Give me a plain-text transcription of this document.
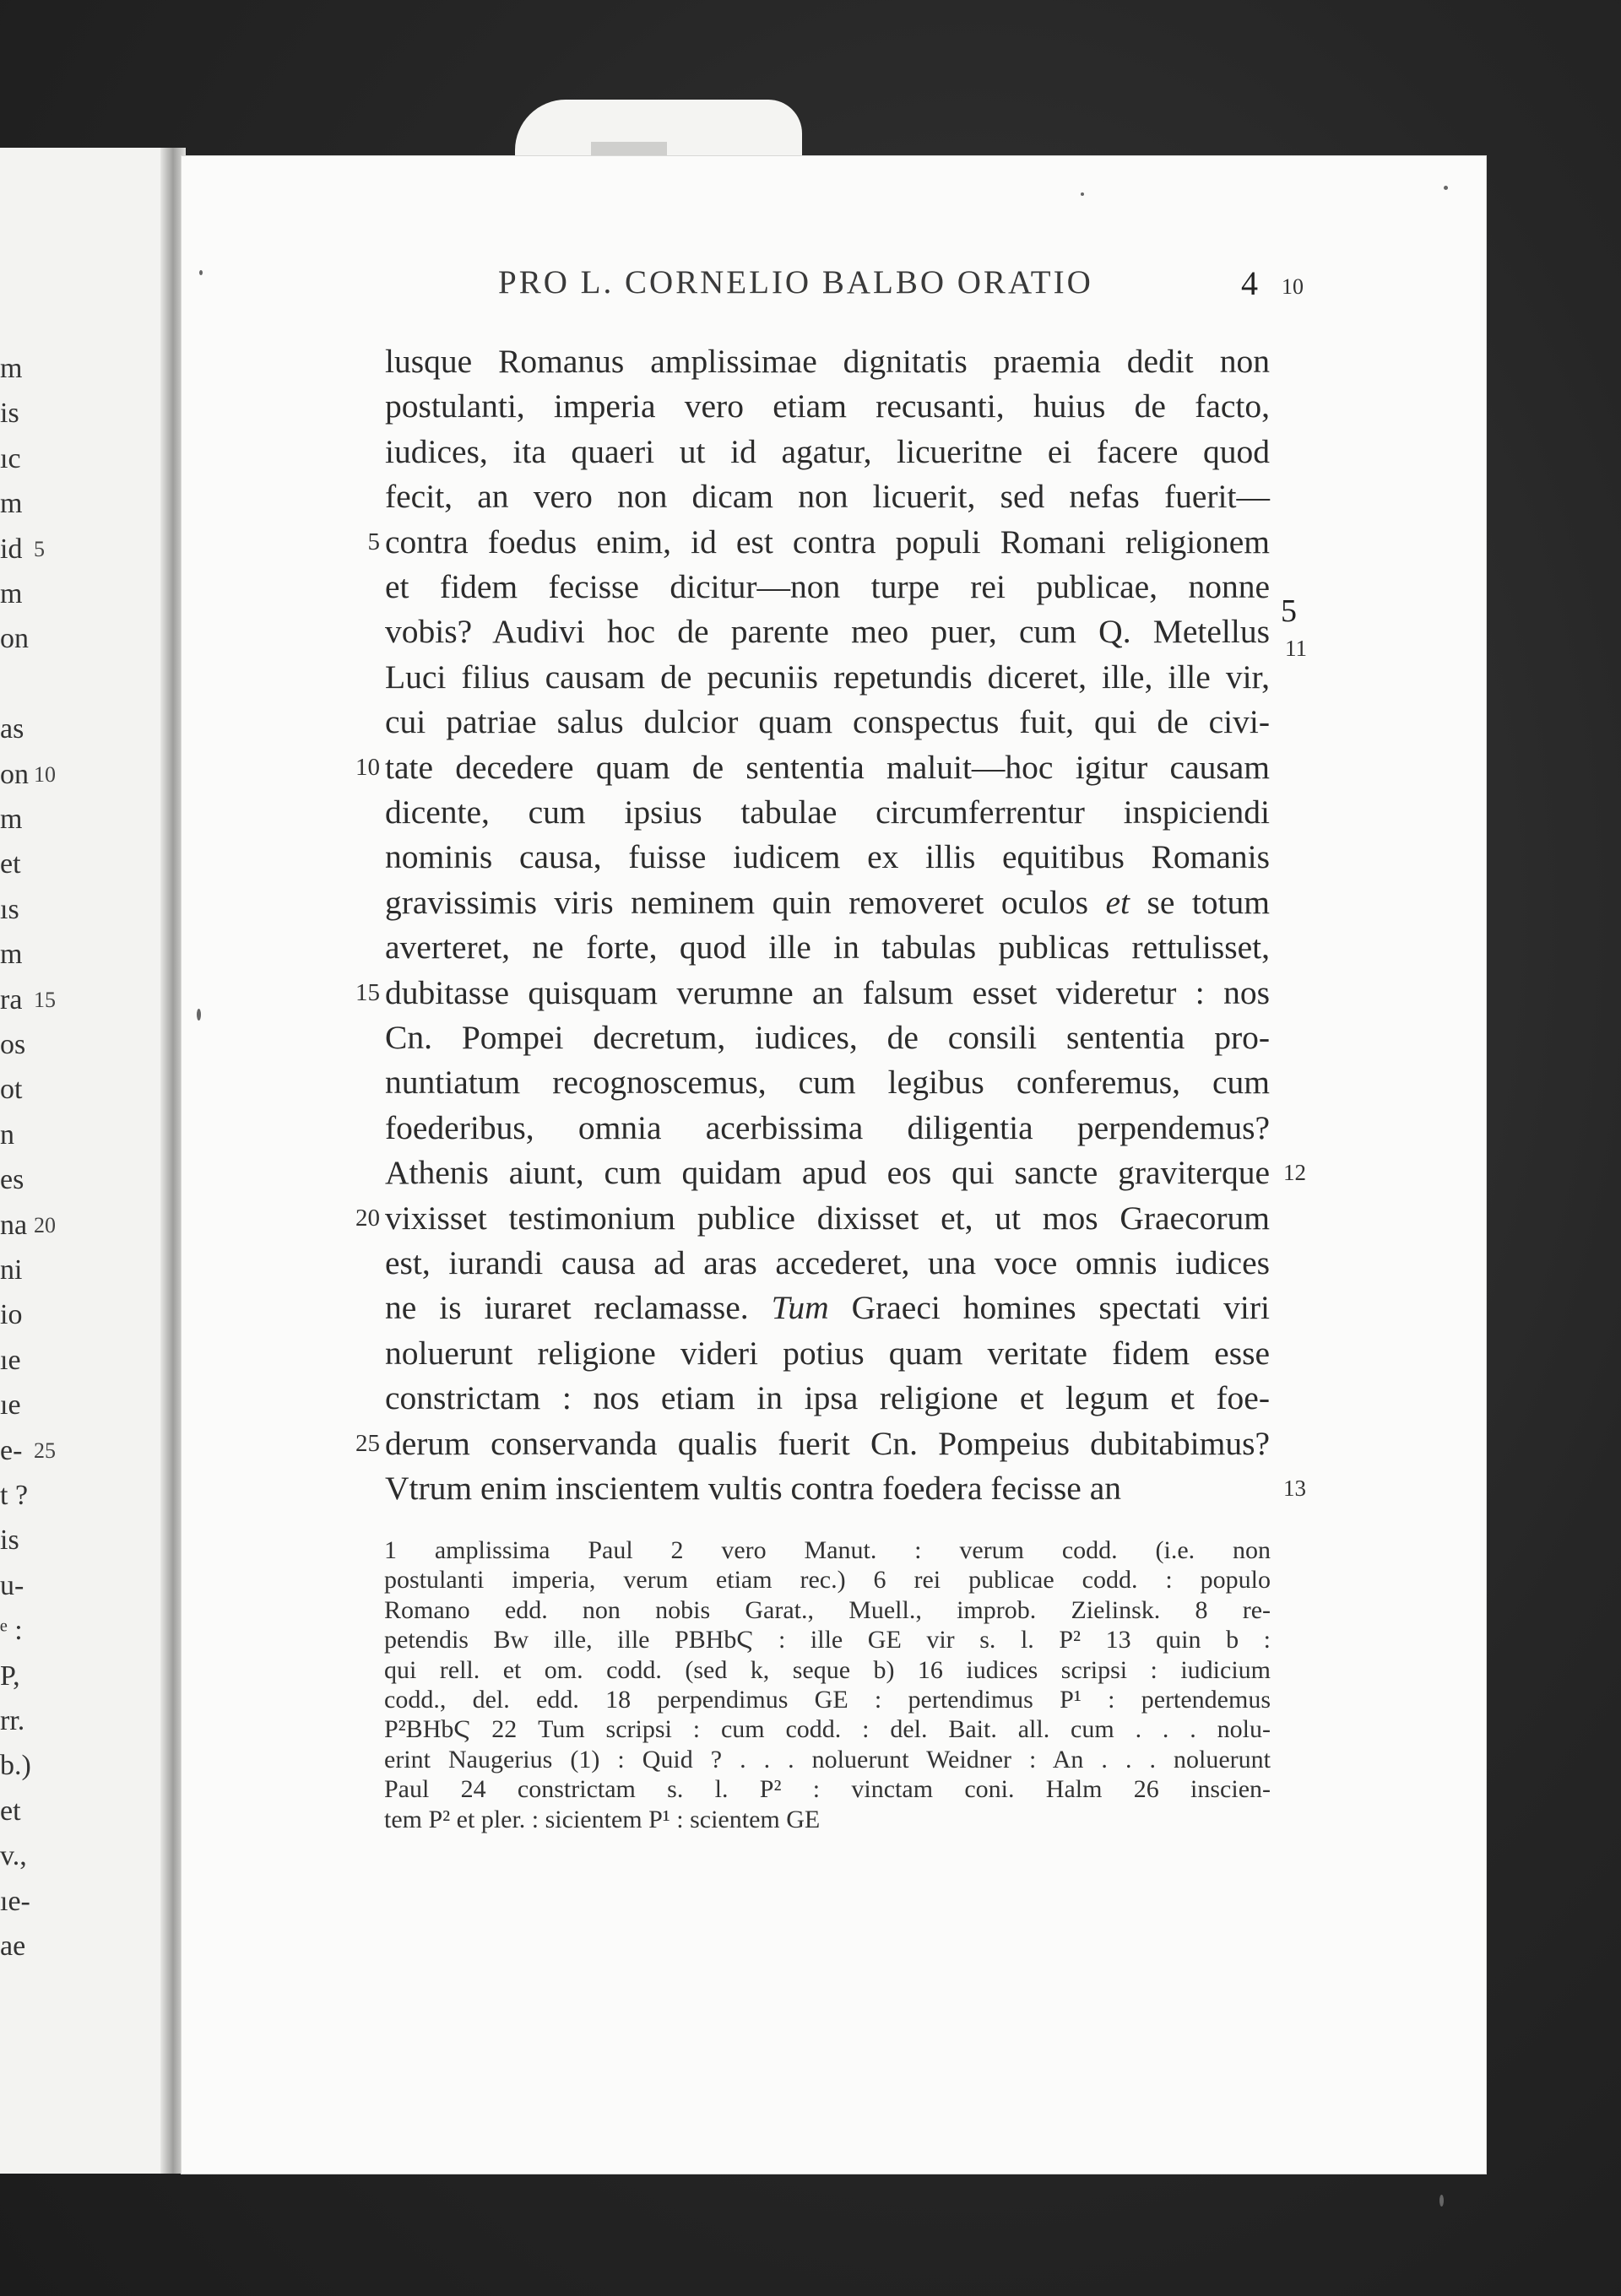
m
is
ıc
m
id
m
on
as
on
m
et
ıs
m
ra
os
ot
n
es
na
ni
io
ıe
ıe
e-
t ?
is
u-
ᵉ :
P,
rr.
b.)
et
v.,
ıe-
ae
5
10
15
20
25
PRO L. CORNELIO BALBO ORATIO	4 10
lusque Romanus amplissimae dignitatis praemia dedit non
postulanti, imperia vero etiam recusanti, huius de facto,
iudices, ita quaeri ut id agatur, licueritne ei facere quod
fecit, an vero non dicam non licuerit, sed nefas fuerit—
contra foedus enim, id est contra populi Romani religionem
et fidem fecisse dicitur—non turpe rei publicae, nonne
vobis? Audivi hoc de parente meo puer, cum Q. Metellus
Luci filius causam de pecuniis repetundis diceret, ille, ille vir,
cui patriae salus dulcior quam conspectus fuit, qui de civi-
tate decedere quam de sententia maluit—hoc igitur causam
dicente, cum ipsius tabulae circumferrentur inspiciendi
nominis causa, fuisse iudicem ex illis equitibus Romanis
gravissimis viris neminem quin removeret oculos et se totum
averteret, ne forte, quod ille in tabulas publicas rettulisset,
dubitasse quisquam verumne an falsum esset videretur : nos
Cn. Pompei decretum, iudices, de consili sententia pro-
nuntiatum recognoscemus, cum legibus conferemus, cum
foederibus, omnia acerbissima diligentia perpendemus?
Athenis aiunt, cum quidam apud eos qui sancte graviterque
vixisset testimonium publice dixisset et, ut mos Graecorum
est, iurandi causa ad aras accederet, una voce omnis iudices
ne is iuraret reclamasse. Tum Graeci homines spectati viri
noluerunt religione videri potius quam veritate fidem esse
constrictam : nos etiam in ipsa religione et legum et foe-
derum conservanda qualis fuerit Cn. Pompeius dubitabimus?
Vtrum enim inscientem vultis contra foedera fecisse an
5
10
15
20
25
5
11
12
13
1 amplissima Paul 2 vero Manut. : verum codd. (i.e. non
postulanti imperia, verum etiam rec.) 6 rei publicae codd. : populo
Romano edd. non nobis Garat., Muell., improb. Zielinsk. 8 re-
petendis Bw ille, ille PBHbϚ : ille GE vir s. l. P² 13 quin b :
qui rell. et om. codd. (sed k, seque b) 16 iudices scripsi : iudicium
codd., del. edd. 18 perpendimus GE : pertendimus P¹ : pertendemus
P²BHbϚ 22 Tum scripsi : cum codd. : del. Bait. all. cum . . . nolu-
erint Naugerius (1) : Quid ? . . . noluerunt Weidner : An . . . noluerunt
Paul 24 constrictam s. l. P² : vinctam coni. Halm 26 inscien-
tem P² et pler. : sicientem P¹ : scientem GE
